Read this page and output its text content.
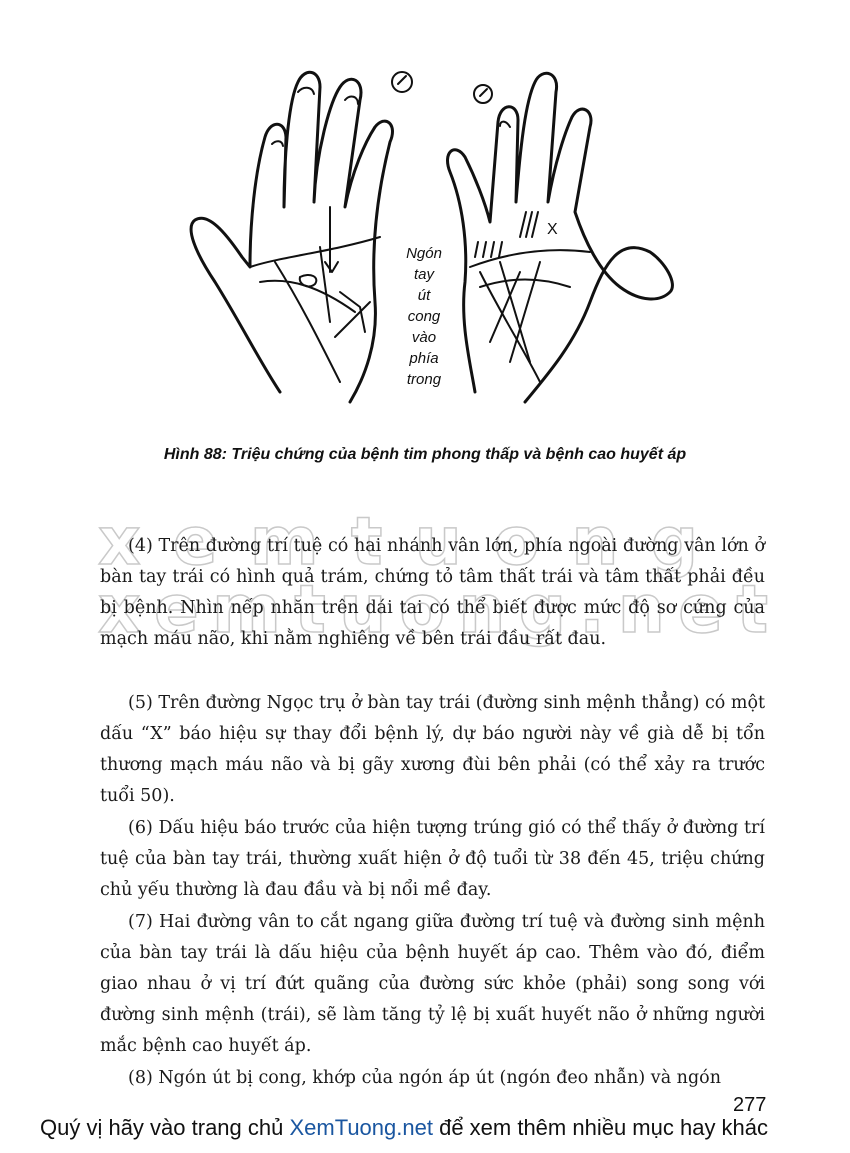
X
Ngón
tay
út
cong
vào
phía
trong
Hình 88: Triệu chứng của bệnh tim phong thấp và bệnh cao huyết áp
xemtuong
xemtuong.net

(4) Trên đường trí tuệ có hai nhánh vân lớn, phía ngoài đường vân lớn ở bàn tay trái có hình quả trám, chứng tỏ tâm thất trái và tâm thất phải đều bị bệnh. Nhìn nếp nhăn trên dái tai có thể biết được mức độ sơ cứng của mạch máu não, khi nằm nghiêng về bên trái đầu rất đau.

(5) Trên đường Ngọc trụ ở bàn tay trái (đường sinh mệnh thẳng) có một dấu “X” báo hiệu sự thay đổi bệnh lý, dự báo người này về già dễ bị tổn thương mạch máu não và bị gãy xương đùi bên phải (có thể xảy ra trước tuổi 50).

(6) Dấu hiệu báo trước của hiện tượng trúng gió có thể thấy ở đường trí tuệ của bàn tay trái, thường xuất hiện ở độ tuổi từ 38 đến 45, triệu chứng chủ yếu thường là đau đầu và bị nổi mề đay.

(7) Hai đường vân to cắt ngang giữa đường trí tuệ và đường sinh mệnh của bàn tay trái là dấu hiệu của bệnh huyết áp cao. Thêm vào đó, điểm giao nhau ở vị trí đứt quãng của đường sức khỏe (phải) song song với đường sinh mệnh (trái), sẽ làm tăng tỷ lệ bị xuất huyết não ở những người mắc bệnh cao huyết áp.

(8) Ngón út bị cong, khớp của ngón áp út (ngón đeo nhẫn) và ngón

277
Quý vị hãy vào trang chủ XemTuong.net để xem thêm nhiều mục hay khác
